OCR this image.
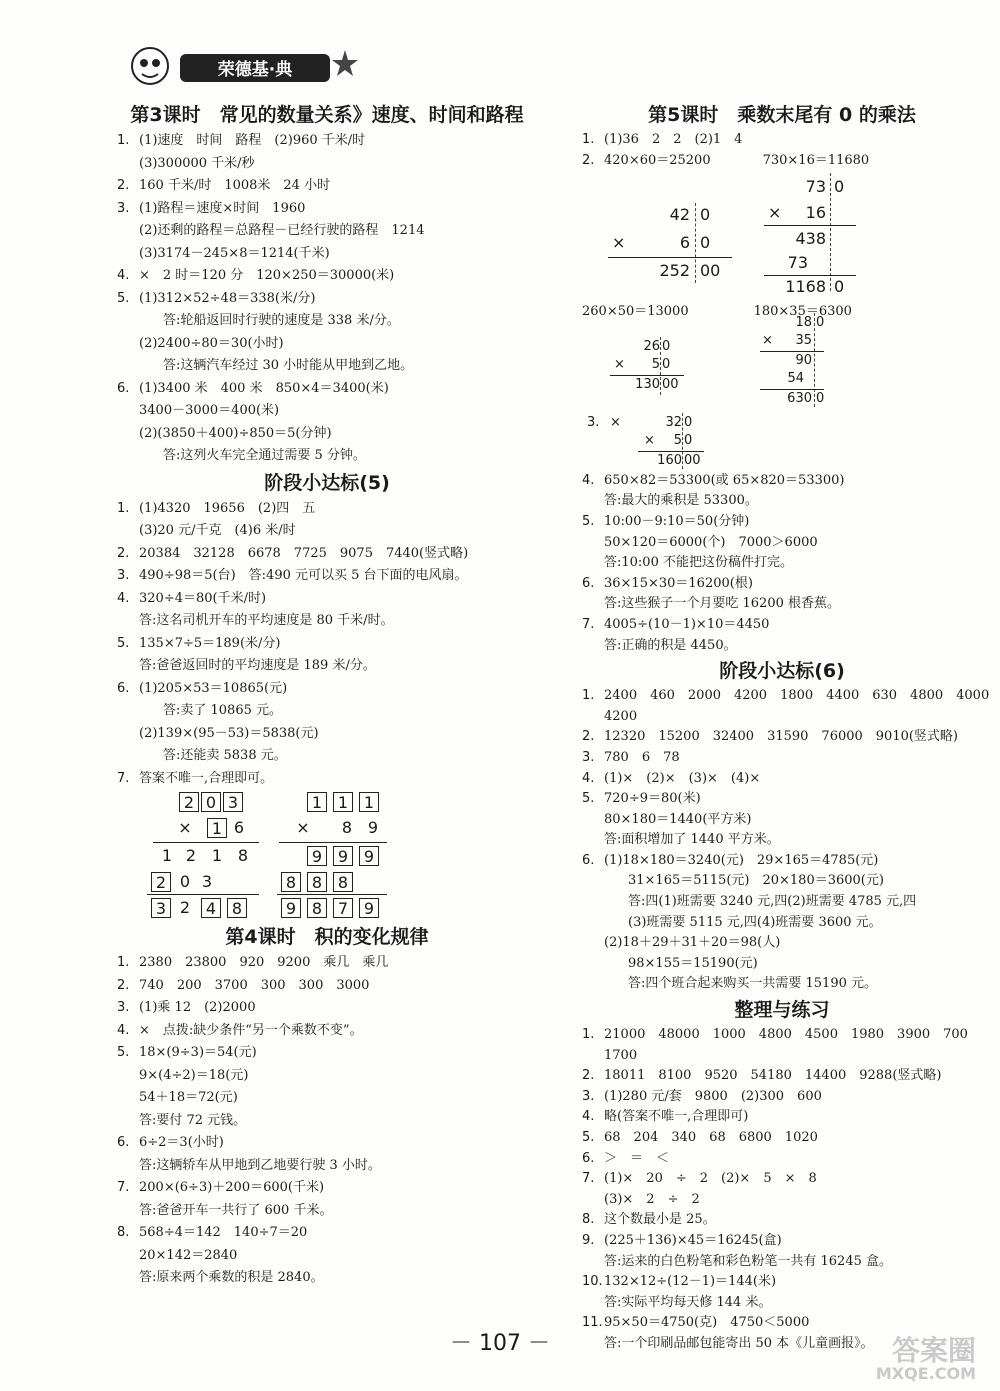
荣德基·典
第3课时　常见的数量关系》速度、时间和路程
1. (1)速度　时间　路程　(2)960 千米/时
(3)300000 千米/秒
2. 160 千米/时　1008米　24 小时
3. (1)路程＝速度×时间　1960
(2)还剩的路程＝总路程－已经行驶的路程　1214
(3)3174－245×8＝1214(千米)
4. ×　2 时＝120 分　120×250＝30000(米)
5. (1)312×52÷48＝338(米/分)
答:轮船返回时行驶的速度是 338 米/分。
(2)2400÷80＝30(小时)
答:这辆汽车经过 30 小时能从甲地到乙地。
6. (1)3400 米　400 米　850×4＝3400(米)
3400－3000＝400(米)
(2)(3850＋400)÷850＝5(分钟)
答:这列火车完全通过需要 5 分钟。
阶段小达标(5)
1. (1)4320　19656　(2)四　五
(3)20 元/千克　(4)6 米/时
2. 20384　32128　6678　7725　9075　7440(竖式略)
3. 490÷98＝5(台)　答:490 元可以买 5 台下面的电风扇。
4. 320÷4＝80(千米/时)
答:这名司机开车的平均速度是 80 千米/时。
5. 135×7÷5＝189(米/分)
答:爸爸返回时的平均速度是 189 米/分。
6. (1)205×53＝10865(元)
答:卖了 10865 元。
(2)139×(95－53)＝5838(元)
答:还能卖 5838 元。
7. 答案不唯一,合理即可。
2 0 3
×	1 6
1 2 1 8
2 0 3
3 2 4 8
1 1 1
×	8 9
9 9 9
8 8 8
9 8 7 9
第4课时　积的变化规律
1. 2380　23800　920　9200　乘几　乘几
2. 740　200　3700　300　300　3000
3. (1)乘 12　(2)2000
4. ×　点拨:缺少条件“另一个乘数不变”。
5. 18×(9÷3)＝54(元)
9×(4÷2)＝18(元)
54＋18＝72(元)
答:要付 72 元钱。
6. 6÷2＝3(小时)
答:这辆轿车从甲地到乙地要行驶 3 小时。
7. 200×(6÷3)＋200＝600(千米)
答:爸爸开车一共行了 600 千米。
8. 568÷4＝142　140÷7＝20
20×142＝2840
答:原来两个乘数的积是 2840。
第5课时　乘数末尾有 0 的乘法
1. (1)36　2　2　(2)1　4
2. 420×60＝25200　　　　730×16＝11680
42 0
×	6 0
252 00
73 0
× 16
438
73
1168 0
260×50＝13000　　　　　180×35＝6300
26 0
× 5 0
130 00
18 0
× 35
90
54
630 0
3. ×	32 0
× 5 0
160 00
4. 650×82＝53300(或 65×820＝53300)
答:最大的乘积是 53300。
5. 10:00－9:10＝50(分钟)
50×120＝6000(个)　7000＞6000
答:10:00 不能把这份稿件打完。
6. 36×15×30＝16200(根)
答:这些猴子一个月要吃 16200 根香蕉。
7. 4005÷(10－1)×10＝4450
答:正确的积是 4450。
阶段小达标(6)
1. 2400　460　2000　4200　1800　4400　630　4800　4000
4200
2. 12320　15200　32400　31590　76000　9010(竖式略)
3. 780　6　78
4. (1)×　(2)×　(3)×　(4)×
5. 720÷9＝80(米)
80×180＝1440(平方米)
答:面积增加了 1440 平方米。
6. (1)18×180＝3240(元)　29×165＝4785(元)
31×165＝5115(元)　20×180＝3600(元)
答:四(1)班需要 3240 元,四(2)班需要 4785 元,四
(3)班需要 5115 元,四(4)班需要 3600 元。
(2)18＋29＋31＋20＝98(人)
98×155＝15190(元)
答:四个班合起来购买一共需要 15190 元。
整理与练习
1. 21000　48000　1000　4800　4500　1980　3900　700
1700
2. 18011　8100　9520　54180　14400　9288(竖式略)
3. (1)280 元/套　9800　(2)300　600
4. 略(答案不唯一,合理即可)
5. 68　204　340　68　6800　1020
6. ＞　＝　＜
7. (1)×　20　÷　2　(2)×　5　×　8
(3)×　2　÷　2
8. 这个数最小是 25。
9. (225＋136)×45＝16245(盒)
答:运来的白色粉笔和彩色粉笔一共有 16245 盒。
10.132×12÷(12－1)＝144(米)
答:实际平均每天修 144 米。
11.95×50＝4750(克)　4750＜5000
答:一个印刷品邮包能寄出 50 本《儿童画报》。
－ 107 －	答案圈
MXQE.COM
